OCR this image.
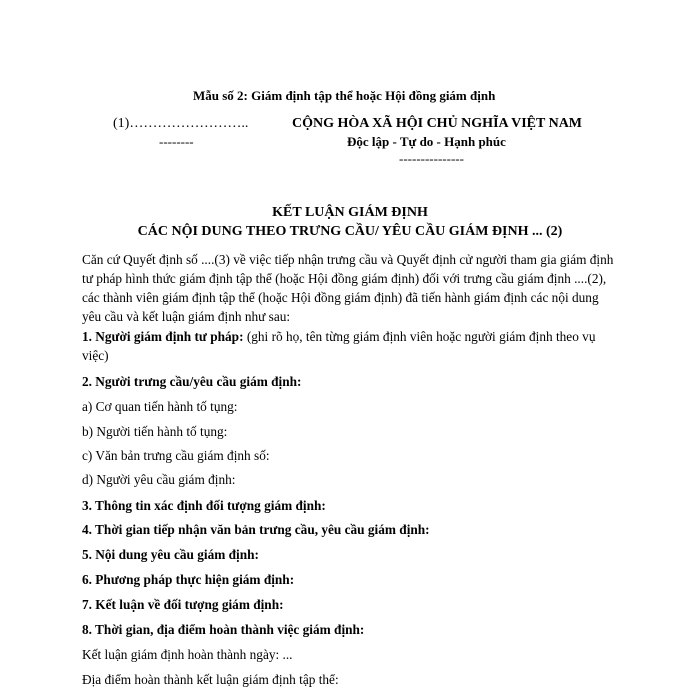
Mẫu số 2: Giám định tập thể hoặc Hội đồng giám định
(1)……………………..
--------
CỘNG HÒA XÃ HỘI CHỦ NGHĨA VIỆT NAM
Độc lập - Tự do - Hạnh phúc
---------------
KẾT LUẬN GIÁM ĐỊNH
CÁC NỘI DUNG THEO TRƯNG CẦU/ YÊU CẦU GIÁM ĐỊNH ... (2)
Căn cứ Quyết định số ....(3) về việc tiếp nhận trưng cầu và Quyết định cử người tham gia giám định tư pháp hình thức giám định tập thể (hoặc Hội đồng giám định) đối với trưng cầu giám định ....(2), các thành viên giám định tập thể (hoặc Hội đồng giám định) đã tiến hành giám định các nội dung yêu cầu và kết luận giám định như sau:
1. Người giám định tư pháp: (ghi rõ họ, tên từng giám định viên hoặc người giám định theo vụ việc)
2. Người trưng cầu/yêu cầu giám định:
a) Cơ quan tiến hành tố tụng:
b) Người tiến hành tố tụng:
c) Văn bản trưng cầu giám định số:
d) Người yêu cầu giám định:
3. Thông tin xác định đối tượng giám định:
4. Thời gian tiếp nhận văn bản trưng cầu, yêu cầu giám định:
5. Nội dung yêu cầu giám định:
6. Phương pháp thực hiện giám định:
7. Kết luận về đối tượng giám định:
8. Thời gian, địa điểm hoàn thành việc giám định:
Kết luận giám định hoàn thành ngày: ...
Địa điểm hoàn thành kết luận giám định tập thể:
